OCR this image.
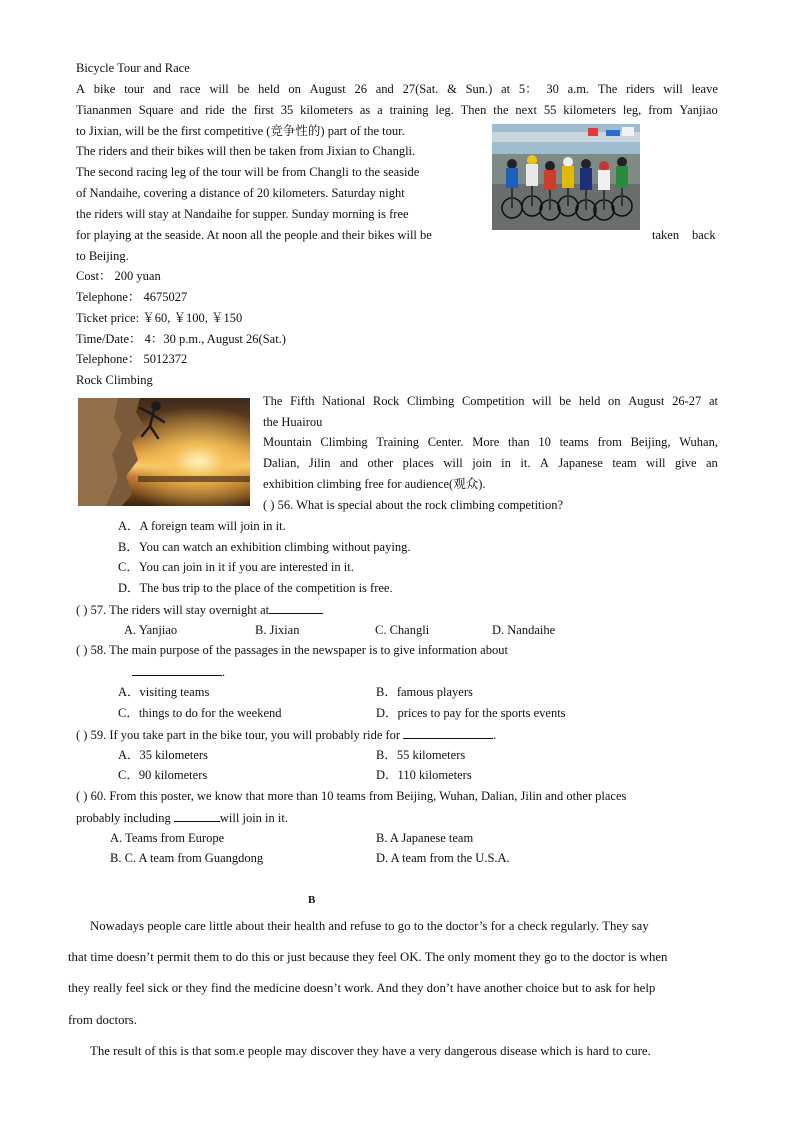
Bicycle Tour and Race
A bike tour and race will be held on August 26 and 27(Sat. & Sun.) at 5： 30 a.m. The riders will leave
Tiananmen Square and ride the first 35 kilometers as a training leg. Then the next 55 kilometers leg, from Yanjiao
to Jixian, will be the first competitive (竞争性的) part of the tour.
The riders and their bikes will then be taken from Jixian to Changli.
The second racing leg of the tour will be from Changli to the seaside
of Nandaihe, covering a distance of 20 kilometers. Saturday night
the riders will stay at Nandaihe for supper. Sunday morning is free
for playing at the seaside. At noon all the people and their bikes will be	taken back
to Beijing.
Cost： 200 yuan
Telephone： 4675027
Ticket price: ￥60, ￥100, ￥150
Time/Date： 4：30 p.m., August 26(Sat.)
Telephone： 5012372
Rock Climbing
The Fifth National Rock Climbing Competition will be held on August 26-27 at
the Huairou
Mountain Climbing Training Center. More than 10 teams from Beijing, Wuhan,
Dalian, Jilin and other places will join in it. A Japanese team will give an
exhibition climbing free for audience(观众).
( ) 56. What is special about the rock climbing competition?
A．A foreign team will join in it.
B．You can watch an exhibition climbing without paying.
C．You can join in it if you are interested in it.
D．The bus trip to the place of the competition is free.
( ) 57. The riders will stay overnight at
A. Yanjiao	B. Jixian	C. Changli	D. Nandaihe
( ) 58. The main purpose of the passages in the newspaper is to give information about
.
A．visiting teams	B．famous players
C．things to do for the weekend	D．prices to pay for the sports events
( ) 59. If you take part in the bike tour, you will probably ride for	.
A．35 kilometers	B．55 kilometers
C．90 kilometers	D．110 kilometers
( ) 60. From this poster, we know that more than 10 teams from Beijing, Wuhan, Dalian, Jilin and other places
probably including	will join in it.
A. Teams from Europe	B. A Japanese team
B. C. A team from Guangdong	D. A team from the U.S.A.
B
Nowadays people care little about their health and refuse to go to the doctor’s for a check regularly. They say
that time doesn’t permit them to do this or just because they feel OK. The only moment they go to the doctor is when
they really feel sick or they find the medicine doesn’t work. And they don’t have another choice but to ask for help
from doctors.
The result of this is that som.e people may discover they have a very dangerous disease which is hard to cure.
